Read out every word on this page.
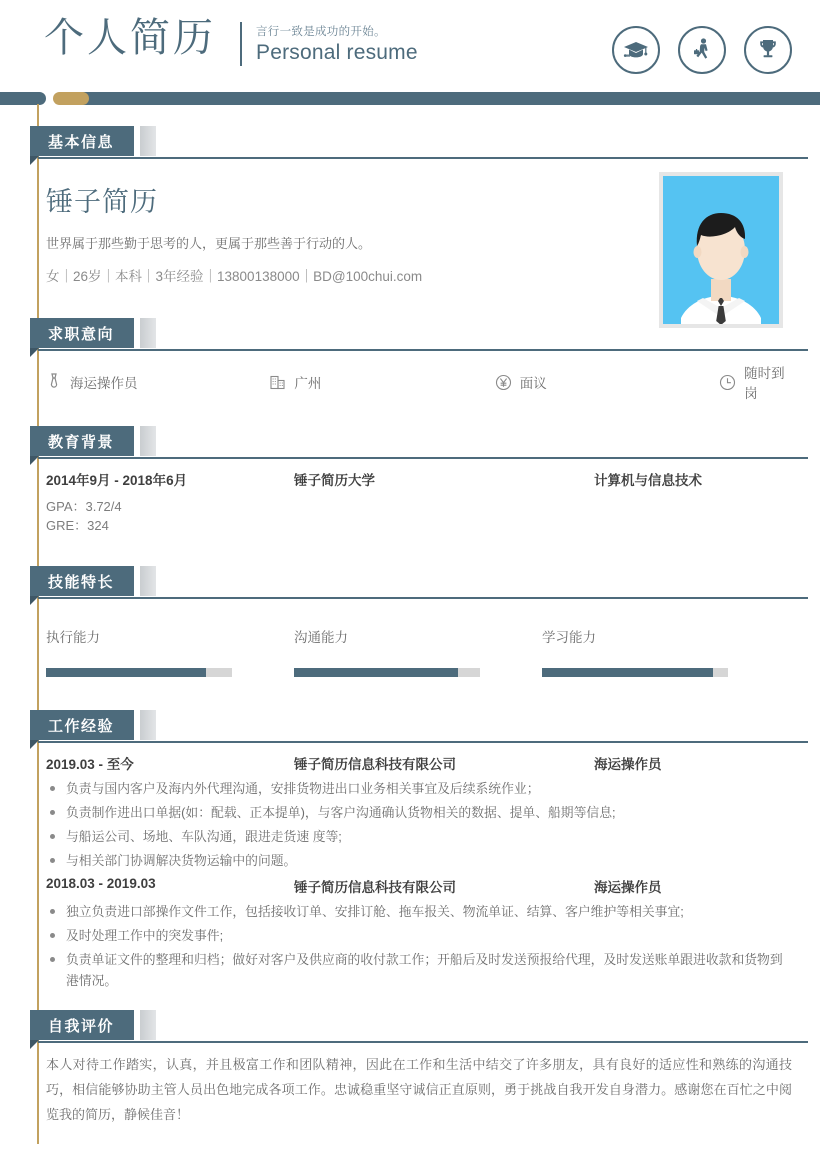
个人简历	言行一致是成功的开始。
Personal resume
基本信息
锤子简历
世界属于那些勤于思考的人，更属于那些善于行动的人。
女｜26岁｜本科｜3年经验｜13800138000｜BD@100chui.com
求职意向
海运操作员	广州	面议
随时到岗
教育背景
2014年9月 - 2018年6月	锤子简历大学	计算机与信息技术
GPA：3.72/4
GRE：324
技能特长
执行能力	沟通能力	学习能力
工作经验
2019.03 - 至今	锤子简历信息科技有限公司	海运操作员
负责与国内客户及海内外代理沟通，安排货物进出口业务相关事宜及后续系统作业；
负责制作进出口单据(如：配载、正本提单)，与客户沟通确认货物相关的数据、提单、船期等信息;
与船运公司、场地、车队沟通，跟进走货速 度等;
与相关部门协调解决货物运输中的问题。
2018.03 - 2019.03	锤子简历信息科技有限公司	海运操作员
独立负责进口部操作文件工作，包括接收订单、安排订舱、拖车报关、物流单证、结算、客户维护等相关事宜;
及时处理工作中的突发事件;
负责单证文件的整理和归档；做好对客户及供应商的收付款工作；开船后及时发送预报给代理，及时发送账单跟进收款和货物到港情况。
自我评价
本人对待工作踏实，认真，并且极富工作和团队精神，因此在工作和生活中结交了许多朋友，具有良好的适应性和熟练的沟通技巧，相信能够协助主管人员出色地完成各项工作。忠诚稳重坚守诚信正直原则，勇于挑战自我开发自身潜力。感谢您在百忙之中阅览我的简历，静候佳音！
